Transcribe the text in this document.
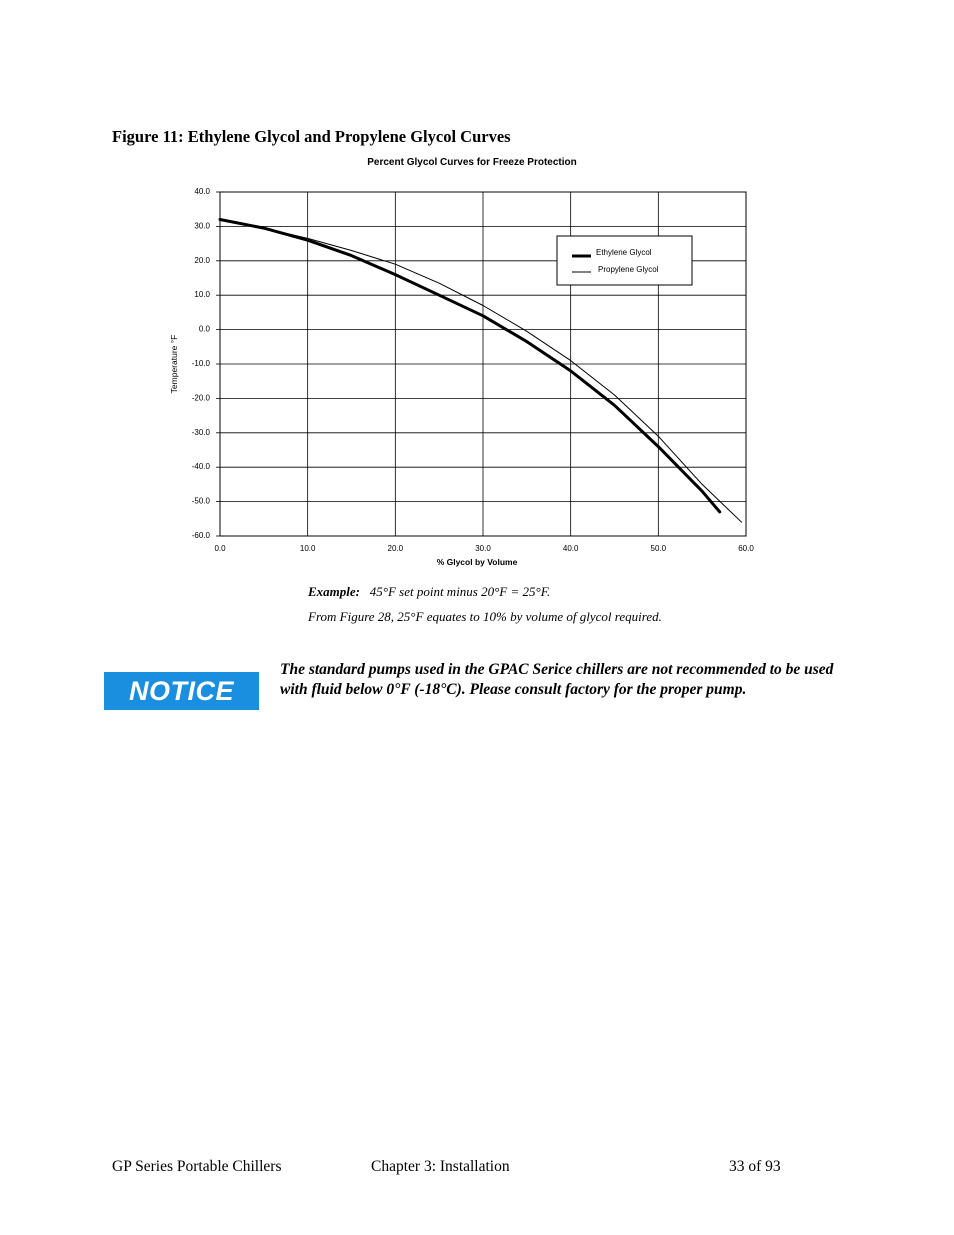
Figure 11: Ethylene Glycol and Propylene Glycol Curves
Percent Glycol Curves for Freeze Protection
40.0
30.0
20.0
10.0
0.0
-10.0
-20.0
-30.0
-40.0
-50.0
-60.0
0.0	10.0	20.0	30.0	40.0	50.0	60.0
% Glycol by Volume
Temperature °F
Ethylene Glycol
Propylene Glycol
Example: 45°F set point minus 20°F = 25°F.
From Figure 28, 25°F equates to 10% by volume of glycol required.
NOTICE
The standard pumps used in the GPAC Serice chillers are not recommended to be used with fluid below 0°F (-18°C). Please consult factory for the proper pump.
GP Series Portable Chillers	Chapter 3: Installation	33 of 93
